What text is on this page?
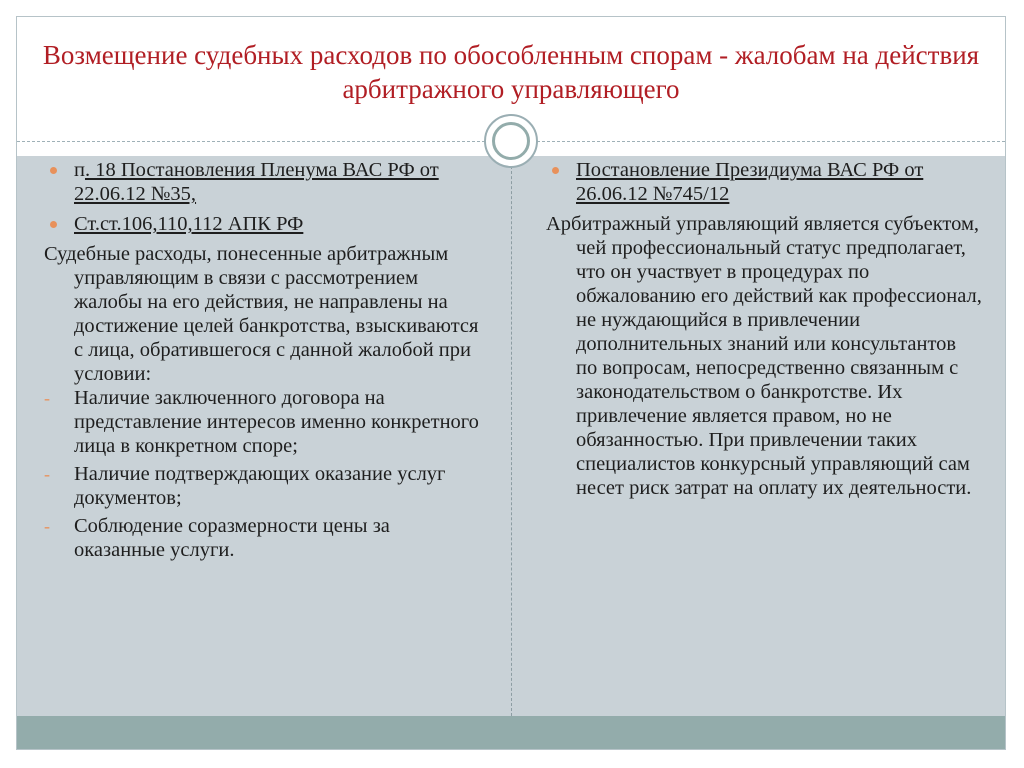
Возмещение судебных расходов по обособленным спорам - жалобам на действия арбитражного управляющего
п. 18 Постановления Пленума ВАС РФ от 22.06.12 №35,
Ст.ст.106,110,112 АПК РФ
Судебные расходы, понесенные арбитражным управляющим в связи с рассмотрением жалобы на его действия, не направлены на достижение целей банкротства, взыскиваются с лица, обратившегося с данной жалобой при условии:
- Наличие заключенного договора на представление интересов именно конкретного лица в конкретном споре;
- Наличие подтверждающих оказание услуг документов;
- Соблюдение соразмерности цены за оказанные услуги.
Постановление Президиума ВАС РФ от 26.06.12 №745/12
Арбитражный управляющий является субъектом, чей профессиональный статус предполагает, что он участвует в процедурах по обжалованию его действий как профессионал, не нуждающийся в привлечении дополнительных знаний или консультантов по вопросам, непосредственно связанным с законодательством о банкротстве. Их привлечение является правом, но не обязанностью. При привлечении таких специалистов конкурсный управляющий сам несет риск затрат на оплату их деятельности.
